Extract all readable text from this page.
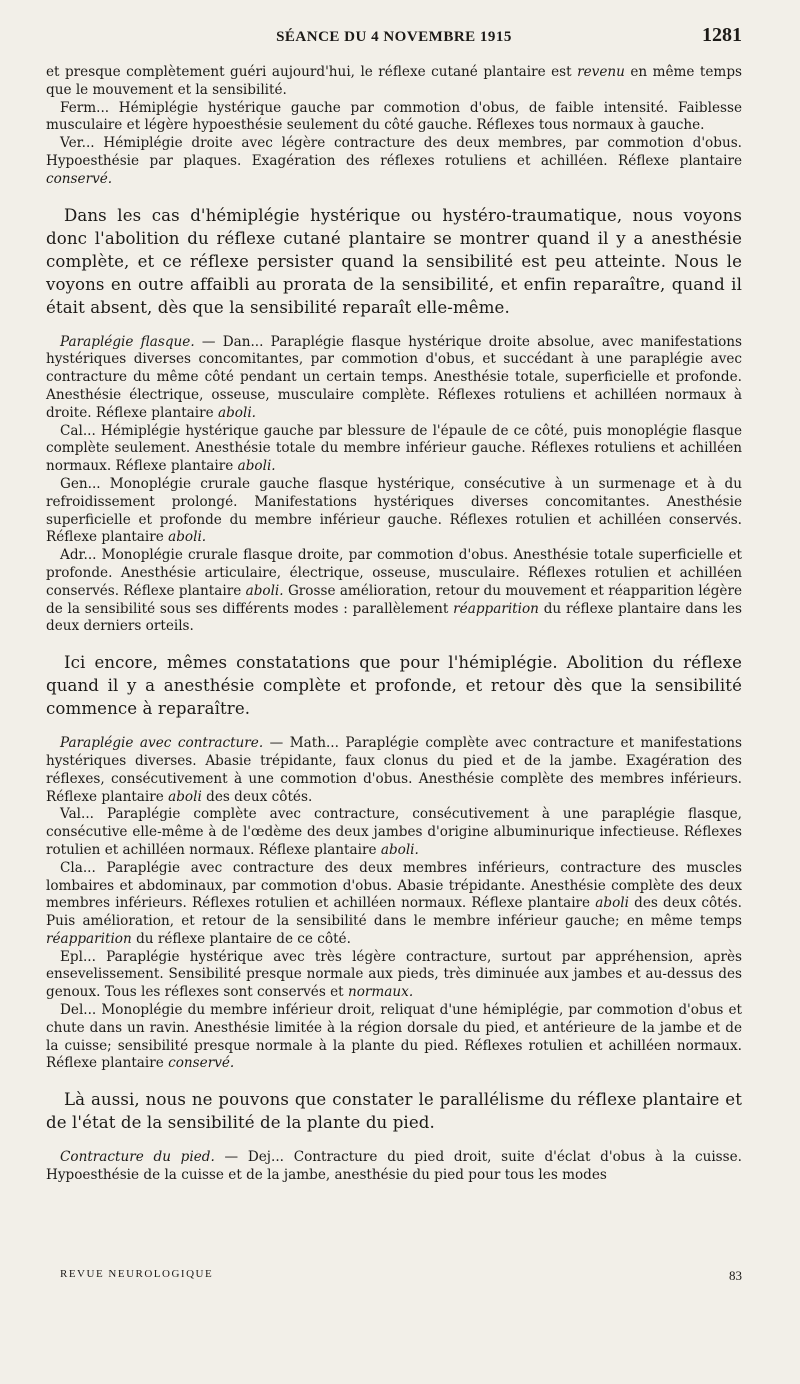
SÉANCE DU 4 NOVEMBRE 1915	1281

et presque complètement guéri aujourd'hui, le réflexe cutané plantaire est revenu en même temps que le mouvement et la sensibilité.

Ferm... Hémiplégie hystérique gauche par commotion d'obus, de faible intensité. Faiblesse musculaire et légère hypoesthésie seulement du côté gauche. Réflexes tous normaux à gauche.

Ver... Hémiplégie droite avec légère contracture des deux membres, par commotion d'obus. Hypoesthésie par plaques. Exagération des réflexes rotuliens et achilléen. Réflexe plantaire conservé.

Dans les cas d'hémiplégie hystérique ou hystéro-traumatique, nous voyons donc l'abolition du réflexe cutané plantaire se montrer quand il y a anesthésie complète, et ce réflexe persister quand la sensibilité est peu atteinte. Nous le voyons en outre affaibli au prorata de la sensibilité, et enfin reparaître, quand il était absent, dès que la sensibilité reparaît elle-même.

Paraplégie flasque. — Dan... Paraplégie flasque hystérique droite absolue, avec manifestations hystériques diverses concomitantes, par commotion d'obus, et succédant à une paraplégie avec contracture du même côté pendant un certain temps. Anesthésie totale, superficielle et profonde. Anesthésie électrique, osseuse, musculaire complète. Réflexes rotuliens et achilléen normaux à droite. Réflexe plantaire aboli.

Cal... Hémiplégie hystérique gauche par blessure de l'épaule de ce côté, puis monoplégie flasque complète seulement. Anesthésie totale du membre inférieur gauche. Réflexes rotuliens et achilléen normaux. Réflexe plantaire aboli.

Gen... Monoplégie crurale gauche flasque hystérique, consécutive à un surmenage et à du refroidissement prolongé. Manifestations hystériques diverses concomitantes. Anesthésie superficielle et profonde du membre inférieur gauche. Réflexes rotulien et achilléen conservés. Réflexe plantaire aboli.

Adr... Monoplégie crurale flasque droite, par commotion d'obus. Anesthésie totale superficielle et profonde. Anesthésie articulaire, électrique, osseuse, musculaire. Réflexes rotulien et achilléen conservés. Réflexe plantaire aboli. Grosse amélioration, retour du mouvement et réapparition légère de la sensibilité sous ses différents modes : parallèlement réapparition du réflexe plantaire dans les deux derniers orteils.

Ici encore, mêmes constatations que pour l'hémiplégie. Abolition du réflexe quand il y a anesthésie complète et profonde, et retour dès que la sensibilité commence à reparaître.

Paraplégie avec contracture. — Math... Paraplégie complète avec contracture et manifestations hystériques diverses. Abasie trépidante, faux clonus du pied et de la jambe. Exagération des réflexes, consécutivement à une commotion d'obus. Anesthésie complète des membres inférieurs. Réflexe plantaire aboli des deux côtés.

Val... Paraplégie complète avec contracture, consécutivement à une paraplégie flasque, consécutive elle-même à de l'œdème des deux jambes d'origine albuminurique infectieuse. Réflexes rotulien et achilléen normaux. Réflexe plantaire aboli.

Cla... Paraplégie avec contracture des deux membres inférieurs, contracture des muscles lombaires et abdominaux, par commotion d'obus. Abasie trépidante. Anesthésie complète des deux membres inférieurs. Réflexes rotulien et achilléen normaux. Réflexe plantaire aboli des deux côtés. Puis amélioration, et retour de la sensibilité dans le membre inférieur gauche; en même temps réapparition du réflexe plantaire de ce côté.

Epl... Paraplégie hystérique avec très légère contracture, surtout par appréhension, après ensevelissement. Sensibilité presque normale aux pieds, très diminuée aux jambes et au-dessus des genoux. Tous les réflexes sont conservés et normaux.

Del... Monoplégie du membre inférieur droit, reliquat d'une hémiplégie, par commotion d'obus et chute dans un ravin. Anesthésie limitée à la région dorsale du pied, et antérieure de la jambe et de la cuisse; sensibilité presque normale à la plante du pied. Réflexes rotulien et achilléen normaux. Réflexe plantaire conservé.

Là aussi, nous ne pouvons que constater le parallélisme du réflexe plantaire et de l'état de la sensibilité de la plante du pied.

Contracture du pied. — Dej... Contracture du pied droit, suite d'éclat d'obus à la cuisse. Hypoesthésie de la cuisse et de la jambe, anesthésie du pied pour tous les modes

REVUE NEUROLOGIQUE	83
